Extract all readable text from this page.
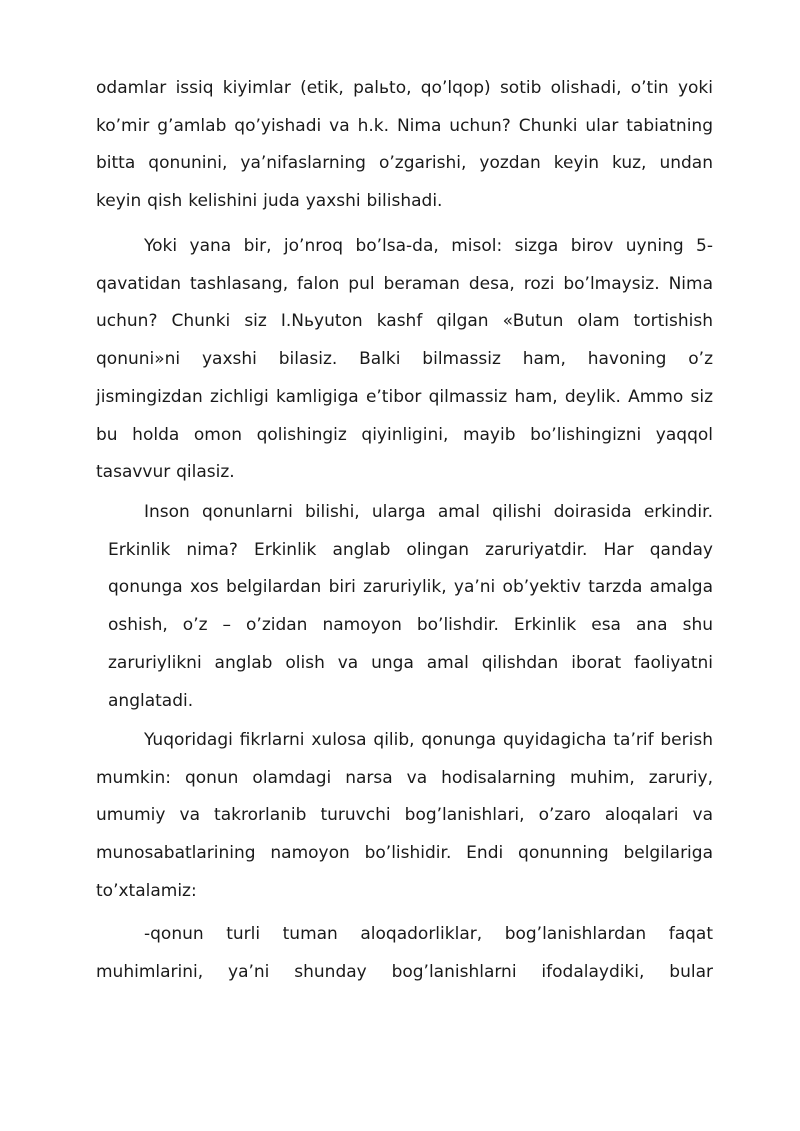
odamlar issiq kiyimlar (etik, palьto, qo’lqop) sotib olishadi, o’tin yoki ko’mir g’amlab qo’yishadi va h.k. Nima uchun? Chunki ular tabiatning bitta qonunini, ya’nifaslarning o’zgarishi, yozdan keyin kuz, undan keyin qish kelishini juda yaxshi bilishadi.

Yoki yana bir, jo’nroq bo’lsa-da, misol: sizga birov uyning 5-qavatidan tashlasang, falon pul beraman desa, rozi bo’lmaysiz. Nima uchun? Chunki siz I.Nьyuton kashf qilgan «Butun olam tortishish qonuni»ni yaxshi bilasiz. Balki bilmassiz ham, havoning o’z jismingizdan zichligi kamligiga e’tibor qilmassiz ham, deylik. Ammo siz bu holda omon qolishingiz qiyinligini, mayib bo’lishingizni yaqqol tasavvur qilasiz.

Inson qonunlarni bilishi, ularga amal qilishi doirasida erkindir. Erkinlik nima? Erkinlik anglab olingan zaruriyatdir. Har qanday qonunga xos belgilardan biri zaruriylik, ya’ni ob’yektiv tarzda amalga oshish, o’z – o’zidan namoyon bo’lishdir. Erkinlik esa ana shu zaruriylikni anglab olish va unga amal qilishdan iborat faoliyatni anglatadi.

Yuqoridagi fikrlarni xulosa qilib, qonunga quyidagicha ta’rif berish mumkin: qonun olamdagi narsa va hodisalarning muhim, zaruriy, umumiy va takrorlanib turuvchi bog’lanishlari, o’zaro aloqalari va munosabatlarining namoyon bo’lishidir. Endi qonunning belgilariga to’xtalamiz:

-qonun turli tuman aloqadorliklar, bog’lanishlardan faqat muhimlarini, ya’ni shunday bog’lanishlarni ifodalaydiki, bular
